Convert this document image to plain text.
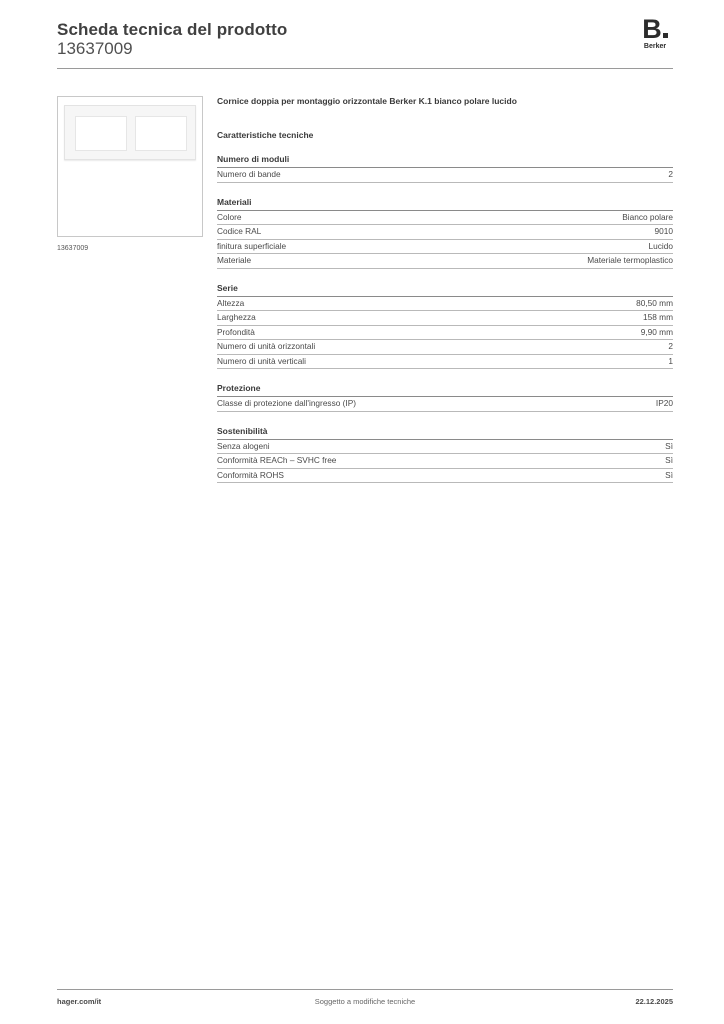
Scheda tecnica del prodotto
13637009
B
Berker
13637009
Cornice doppia per montaggio orizzontale Berker K.1 bianco polare lucido
Caratteristiche tecniche
Numero di moduli
Numero di bande	2
Materiali
Colore	Bianco polare
Codice RAL	9010
finitura superficiale	Lucido
Materiale	Materiale termoplastico
Serie
Altezza	80,50 mm
Larghezza	158 mm
Profondità	9,90 mm
Numero di unità orizzontali	2
Numero di unità verticali	1
Protezione
Classe di protezione dall'ingresso (IP)	IP20
Sostenibilità
Senza alogeni	Sì
Conformità REACh – SVHC free	Sì
Conformità ROHS	Sì
hager.com/it	Soggetto a modifiche tecniche	22.12.2025
